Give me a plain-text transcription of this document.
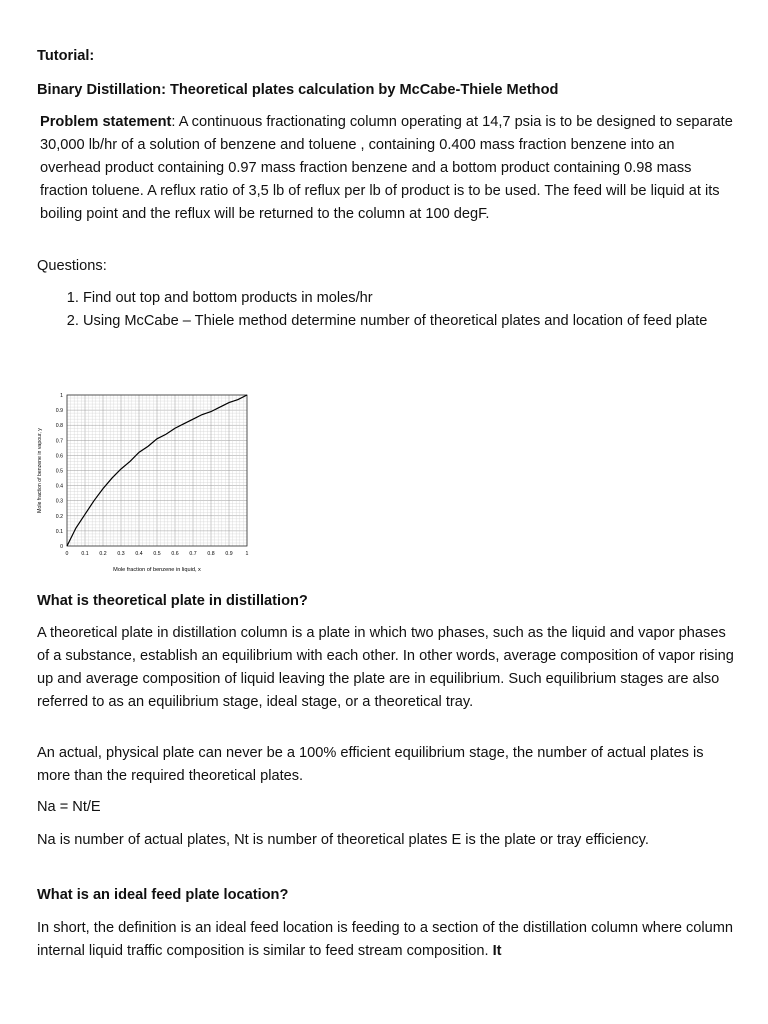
Tutorial:
Binary Distillation: Theoretical plates calculation by McCabe-Thiele Method
Problem statement: A continuous fractionating column operating at 14,7 psia is to be designed to separate 30,000 lb/hr of a solution of benzene and toluene , containing 0.400 mass fraction benzene into an overhead product containing 0.97 mass fraction benzene and a bottom product containing 0.98 mass fraction toluene. A reflux ratio of 3,5 lb of reflux per lb of product is to be used. The feed will be liquid at its boiling point and the reflux will be returned to the column at 100 degF.
Questions:
1. Find out top and bottom products in moles/hr
2. Using McCabe – Thiele method determine number of theoretical plates and location of feed plate
0
0.1
0.2
0.3
0.4
0.5
0.6
0.7
0.8
0.9
1
0 0.1 0.2 0.3 0.4 0.5 0.6 0.7 0.8 0.9 1
Mole fraction of benzene in vapour, y
Mole fraction of benzene in liquid, x
What is theoretical plate in distillation?
A theoretical plate in distillation column is a plate in which two phases, such as the liquid and vapor phases of a substance, establish an equilibrium with each other. In other words, average composition of vapor rising up and average composition of liquid leaving the plate are in equilibrium. Such equilibrium stages are also referred to as an equilibrium stage, ideal stage, or a theoretical tray.
An actual, physical plate can never be a 100% efficient equilibrium stage, the number of actual plates is more than the required theoretical plates.
Na = Nt/E
Na is number of actual plates, Nt is number of theoretical plates E is the plate or tray efficiency.
What is an ideal feed plate location?
In short, the definition is an ideal feed location is feeding to a section of the distillation column where column internal liquid traffic composition is similar to feed stream composition. It
